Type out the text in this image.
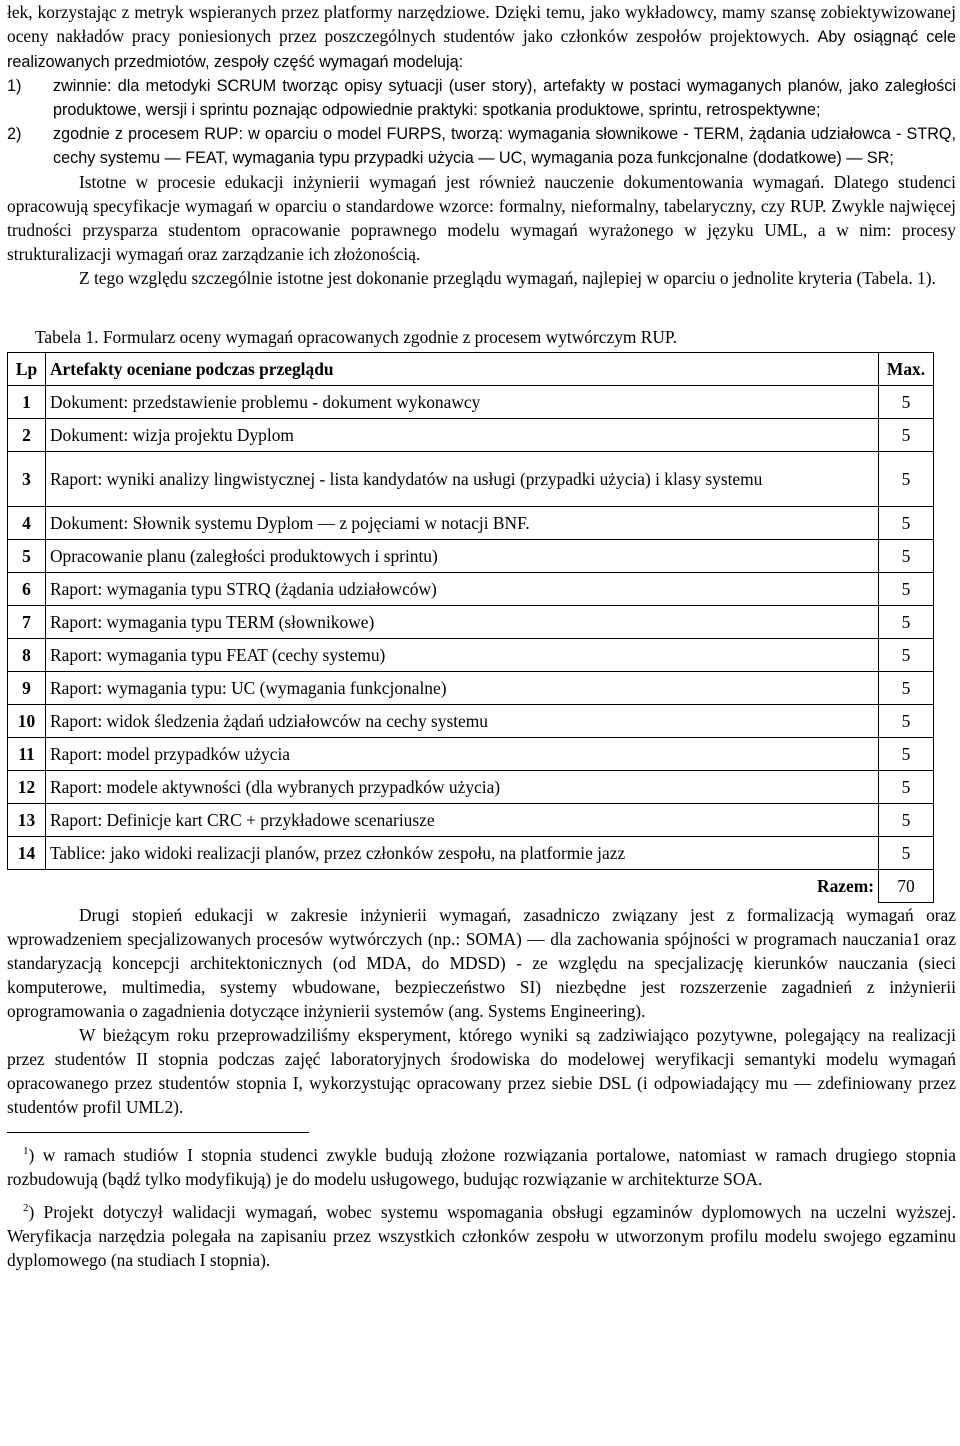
łek, korzystając z metryk wspieranych przez platformy narzędziowe. Dzięki temu, jako wykładowcy, mamy szansę zobiektywizowanej oceny nakładów pracy poniesionych przez poszczególnych studentów jako członków zespołów projektowych. Aby osiągnąć cele realizowanych przedmiotów, zespoły część wymagań modelują:

1) zwinnie: dla metodyki SCRUM tworząc opisy sytuacji (user story), artefakty w postaci wymaganych planów, jako zaległości produktowe, wersji i sprintu poznając odpowiednie praktyki: spotkania produktowe, sprintu, retrospektywne;
2) zgodnie z procesem RUP: w oparciu o model FURPS, tworzą: wymagania słownikowe - TERM, żądania udziałowca - STRQ, cechy systemu — FEAT, wymagania typu przypadki użycia — UC, wymagania poza funkcjonalne (dodatkowe) — SR;

Istotne w procesie edukacji inżynierii wymagań jest również nauczenie dokumentowania wymagań. Dlatego studenci opracowują specyfikacje wymagań w oparciu o standardowe wzorce: formalny, nieformalny, tabelaryczny, czy RUP. Zwykle najwięcej trudności przysparza studentom opracowanie poprawnego modelu wymagań wyrażonego w języku UML, a w nim: procesy strukturalizacji wymagań oraz zarządzanie ich złożonością.

Z tego względu szczególnie istotne jest dokonanie przeglądu wymagań, najlepiej w oparciu o jednolite kryteria (Tabela. 1).

Tabela 1. Formularz oceny wymagań opracowanych zgodnie z procesem wytwórczym RUP.
Lp	Artefakty oceniane podczas przeglądu	Max.
1	Dokument: przedstawienie problemu - dokument wykonawcy	5
2	Dokument: wizja projektu Dyplom	5
3	Raport: wyniki analizy lingwistycznej - lista kandydatów na usługi (przypadki użycia) i klasy systemu	5
4	Dokument: Słownik systemu Dyplom — z pojęciami w notacji BNF.	5
5	Opracowanie planu (zaległości produktowych i sprintu)	5
6	Raport: wymagania typu STRQ (żądania udziałowców)	5
7	Raport: wymagania typu TERM (słownikowe)	5
8	Raport: wymagania typu FEAT (cechy systemu)	5
9	Raport: wymagania typu: UC (wymagania funkcjonalne)	5
10	Raport: widok śledzenia żądań udziałowców na cechy systemu	5
11	Raport: model przypadków użycia	5
12	Raport: modele aktywności (dla wybranych przypadków użycia)	5
13	Raport: Definicje kart CRC + przykładowe scenariusze	5
14	Tablice: jako widoki realizacji planów, przez członków zespołu, na platformie jazz	5
	Razem:	70

Drugi stopień edukacji w zakresie inżynierii wymagań, zasadniczo związany jest z formalizacją wymagań oraz wprowadzeniem specjalizowanych procesów wytwórczych (np.: SOMA) — dla zachowania spójności w programach nauczania1 oraz standaryzacją koncepcji architektonicznych (od MDA, do MDSD) - ze względu na specjalizację kierunków nauczania (sieci komputerowe, multimedia, systemy wbudowane, bezpieczeństwo SI) niezbędne jest rozszerzenie zagadnień z inżynierii oprogramowania o zagadnienia dotyczące inżynierii systemów (ang. Systems Engineering).

W bieżącym roku przeprowadziliśmy eksperyment, którego wyniki są zadziwiająco pozytywne, polegający na realizacji przez studentów II stopnia podczas zajęć laboratoryjnych środowiska do modelowej weryfikacji semantyki modelu wymagań opracowanego przez studentów stopnia I, wykorzystując opracowany przez siebie DSL (i odpowiadający mu — zdefiniowany przez studentów profil UML2).

$^1$) w ramach studiów I stopnia studenci zwykle budują złożone rozwiązania portalowe, natomiast w ramach drugiego stopnia rozbudowują (bądź tylko modyfikują) je do modelu usługowego, budując rozwiązanie w architekturze SOA.

$^2$) Projekt dotyczył walidacji wymagań, wobec systemu wspomagania obsługi egzaminów dyplomowych na uczelni wyższej. Weryfikacja narzędzia polegała na zapisaniu przez wszystkich członków zespołu w utworzonym profilu modelu swojego egzaminu dyplomowego (na studiach I stopnia).
